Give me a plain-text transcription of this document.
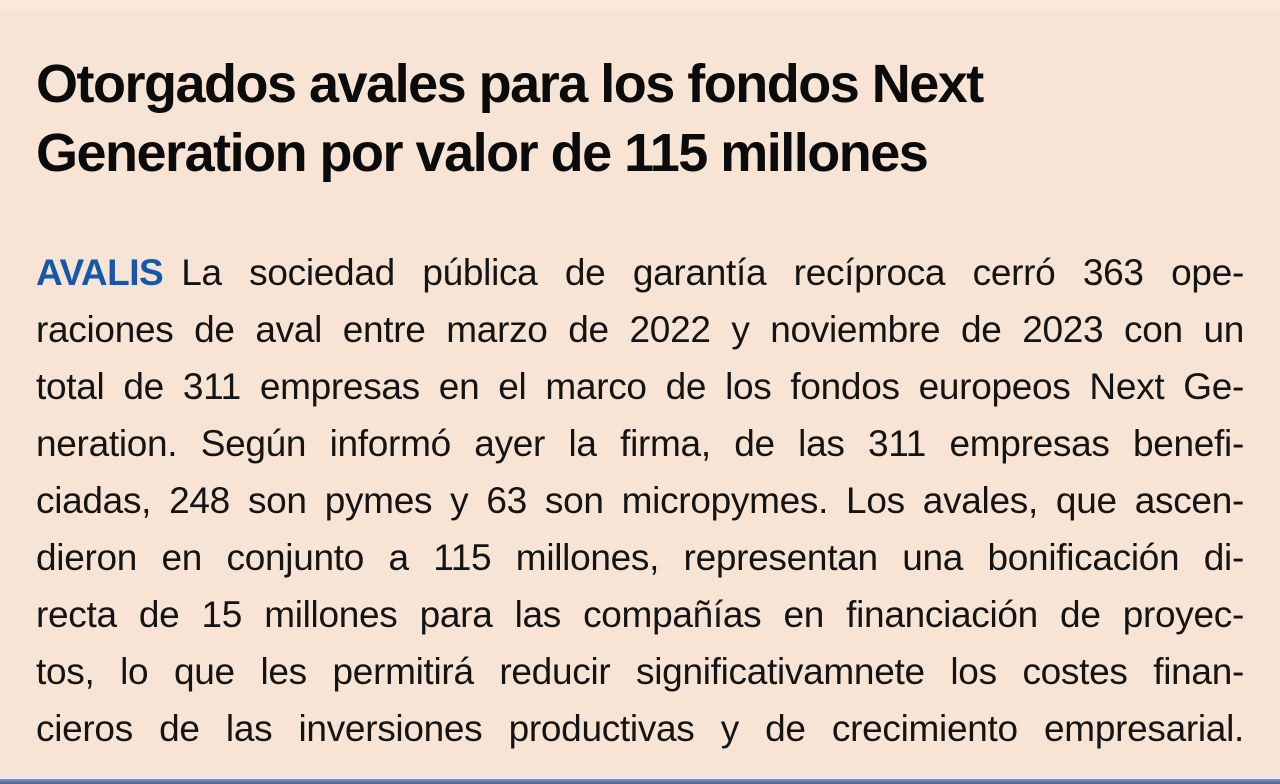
Otorgados avales para los fondos Next
Generation por valor de 115 millones
AVALIS La sociedad pública de garantía recíproca cerró 363 ope-
raciones de aval entre marzo de 2022 y noviembre de 2023 con un
total de 311 empresas en el marco de los fondos europeos Next Ge-
neration. Según informó ayer la firma, de las 311 empresas benefi-
ciadas, 248 son pymes y 63 son micropymes. Los avales, que ascen-
dieron en conjunto a 115 millones, representan una bonificación di-
recta de 15 millones para las compañías en financiación de proyec-
tos, lo que les permitirá reducir significativamnete los costes finan-
cieros de las inversiones productivas y de crecimiento empresarial.
